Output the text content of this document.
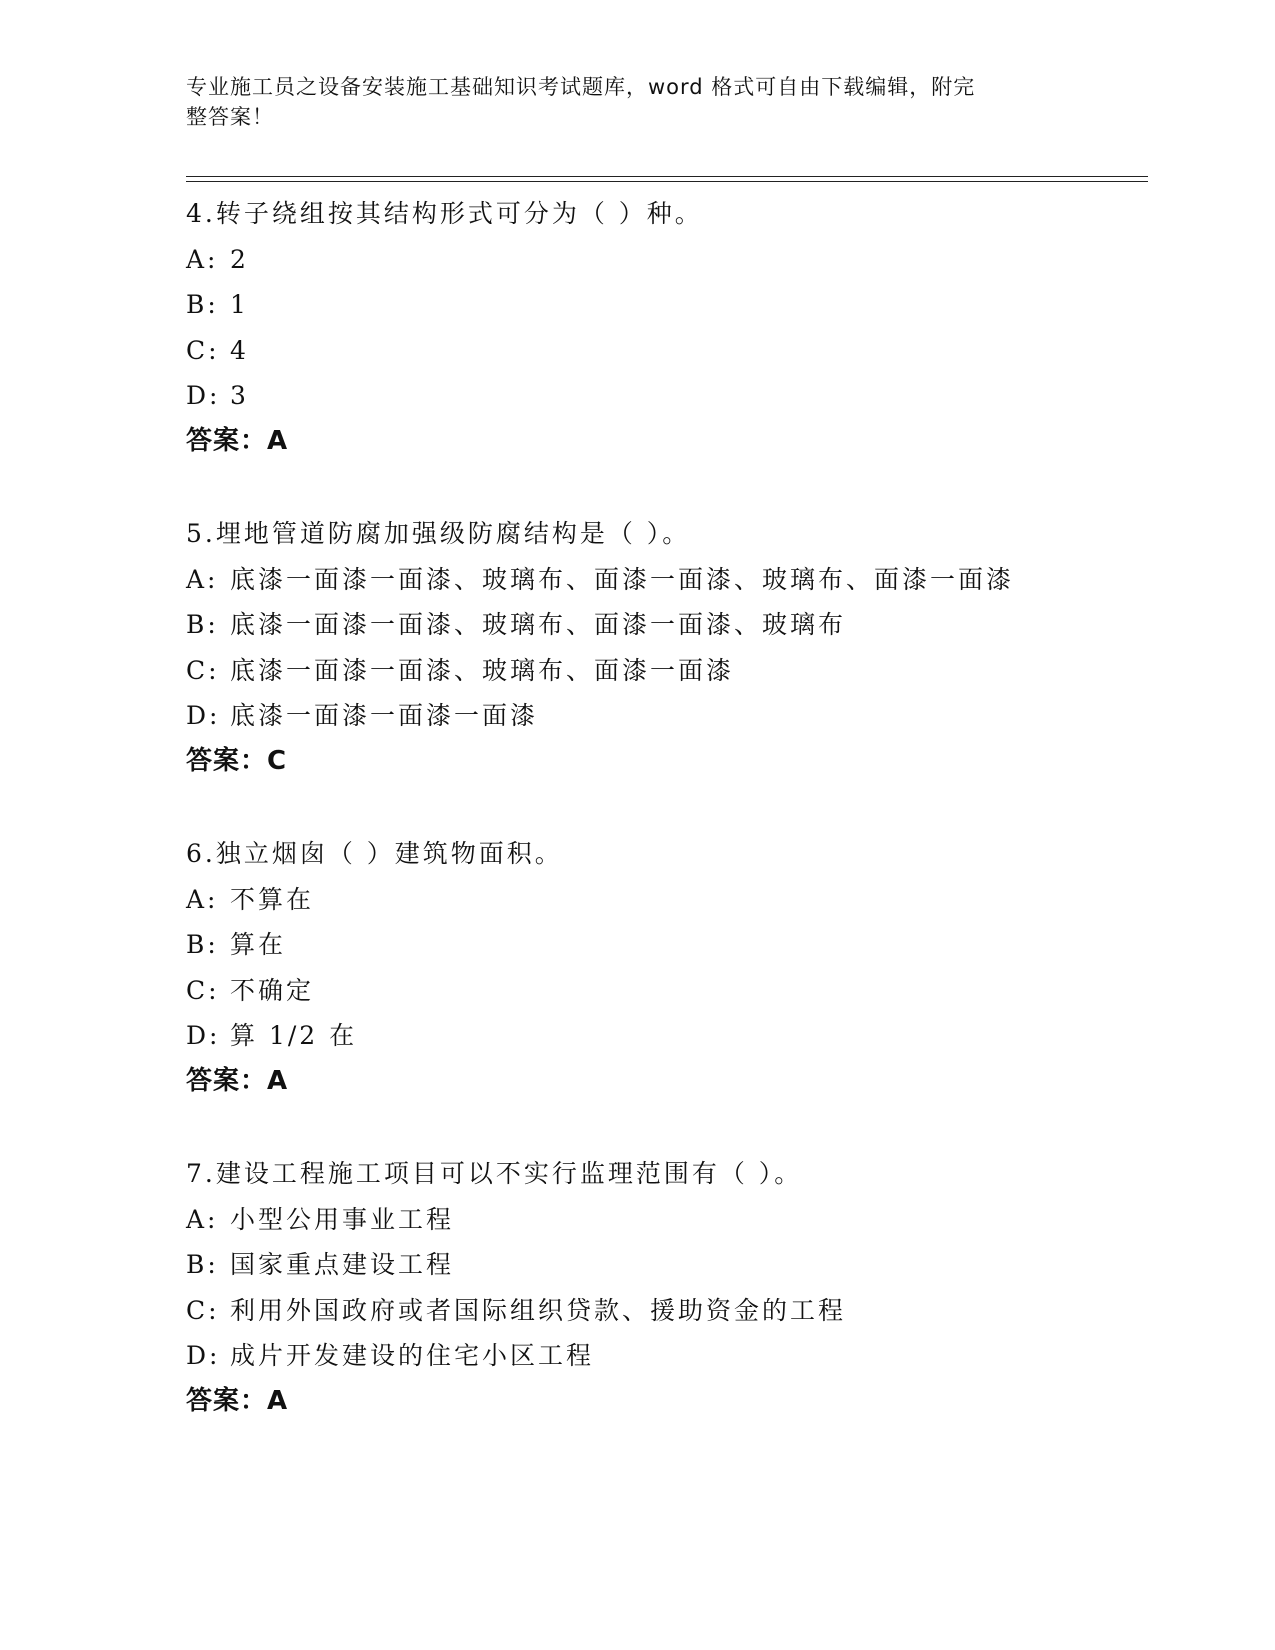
专业施工员之设备安装施工基础知识考试题库，word 格式可自由下载编辑，附完
整答案！
4.转子绕组按其结构形式可分为（ ）种。
A: 2
B: 1
C: 4
D: 3
答案：A
5.埋地管道防腐加强级防腐结构是（ ）。
A: 底漆一面漆一面漆、玻璃布、面漆一面漆、玻璃布、面漆一面漆
B: 底漆一面漆一面漆、玻璃布、面漆一面漆、玻璃布
C: 底漆一面漆一面漆、玻璃布、面漆一面漆
D: 底漆一面漆一面漆一面漆
答案：C
6.独立烟囱（ ）建筑物面积。
A: 不算在
B: 算在
C: 不确定
D: 算 1/2 在
答案：A
7.建设工程施工项目可以不实行监理范围有（ ）。
A: 小型公用事业工程
B: 国家重点建设工程
C: 利用外国政府或者国际组织贷款、援助资金的工程
D: 成片开发建设的住宅小区工程
答案：A
